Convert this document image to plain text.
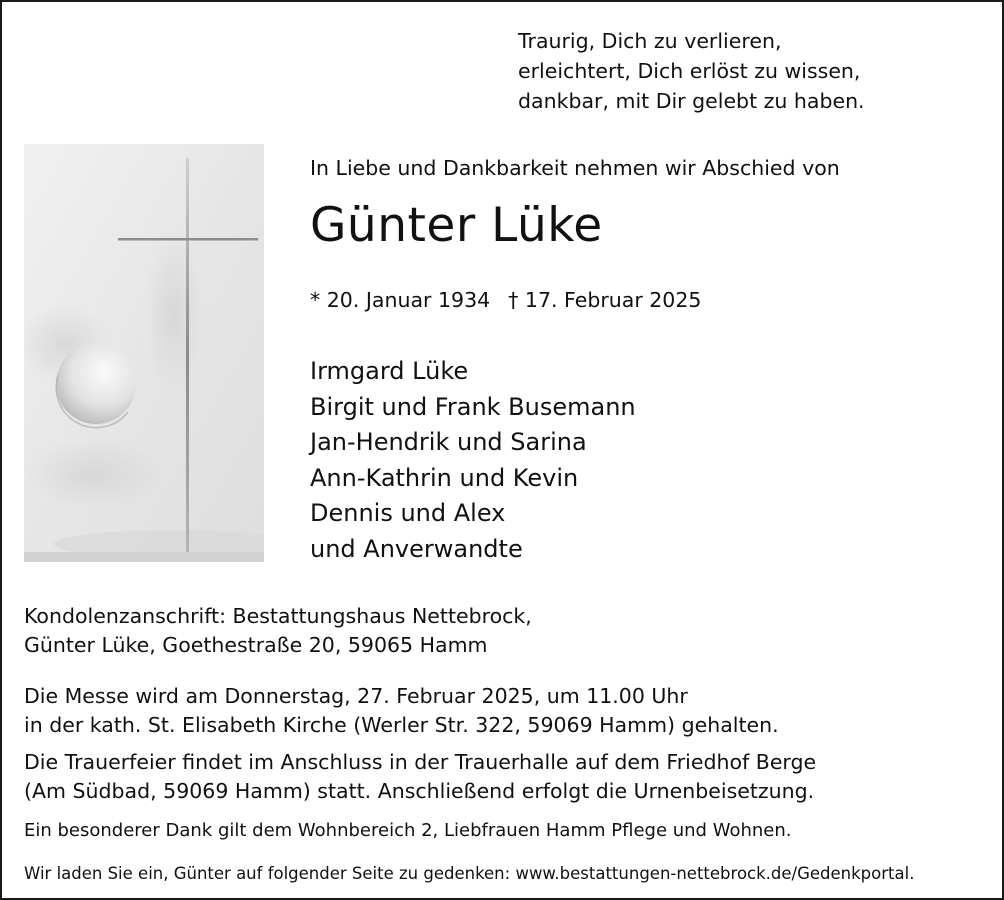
Traurig, Dich zu verlieren,
erleichtert, Dich erlöst zu wissen,
dankbar, mit Dir gelebt zu haben.
In Liebe und Dankbarkeit nehmen wir Abschied von
Günter Lüke
* 20. Januar 1934 † 17. Februar 2025
Irmgard Lüke
Birgit und Frank Busemann
Jan-Hendrik und Sarina
Ann-Kathrin und Kevin
Dennis und Alex
und Anverwandte
Kondolenzanschrift: Bestattungshaus Nettebrock,
Günter Lüke, Goethestraße 20, 59065 Hamm
Die Messe wird am Donnerstag, 27. Februar 2025, um 11.00 Uhr
in der kath. St. Elisabeth Kirche (Werler Str. 322, 59069 Hamm) gehalten.
Die Trauerfeier findet im Anschluss in der Trauerhalle auf dem Friedhof Berge
(Am Südbad, 59069 Hamm) statt. Anschließend erfolgt die Urnenbeisetzung.
Ein besonderer Dank gilt dem Wohnbereich 2, Liebfrauen Hamm Pflege und Wohnen.
Wir laden Sie ein, Günter auf folgender Seite zu gedenken: www.bestattungen-nettebrock.de/Gedenkportal.
